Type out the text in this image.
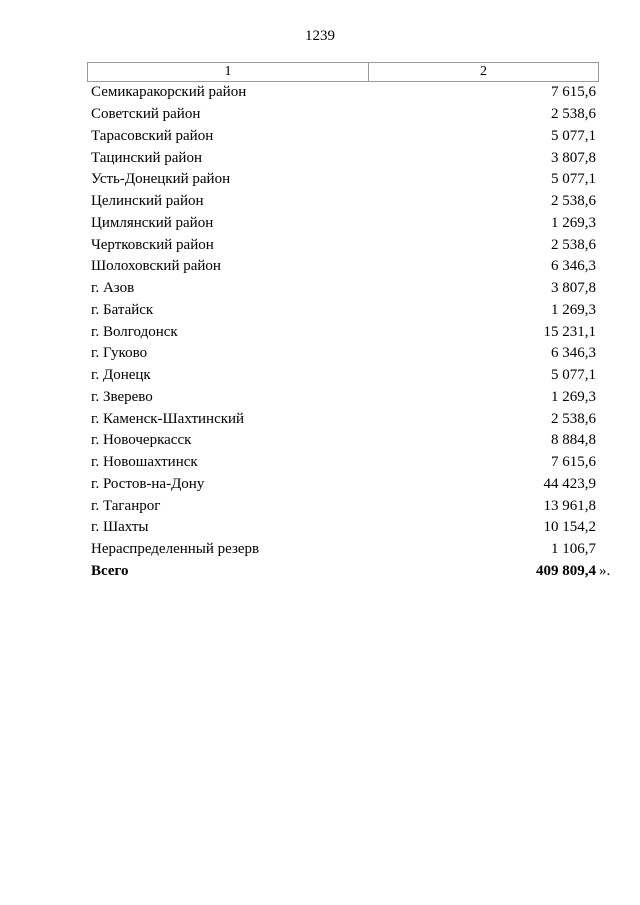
1239
1	2
Семикаракорский район	7 615,6
Советский район	2 538,6
Тарасовский район	5 077,1
Тацинский район	3 807,8
Усть-Донецкий район	5 077,1
Целинский район	2 538,6
Цимлянский район	1 269,3
Чертковский район	2 538,6
Шолоховский район	6 346,3
г. Азов	3 807,8
г. Батайск	1 269,3
г. Волгодонск	15 231,1
г. Гуково	6 346,3
г. Донецк	5 077,1
г. Зверево	1 269,3
г. Каменск-Шахтинский	2 538,6
г. Новочеркасск	8 884,8
г. Новошахтинск	7 615,6
г. Ростов-на-Дону	44 423,9
г. Таганрог	13 961,8
г. Шахты	10 154,2
Нераспределенный резерв	1 106,7
Всего	409 809,4 ».
